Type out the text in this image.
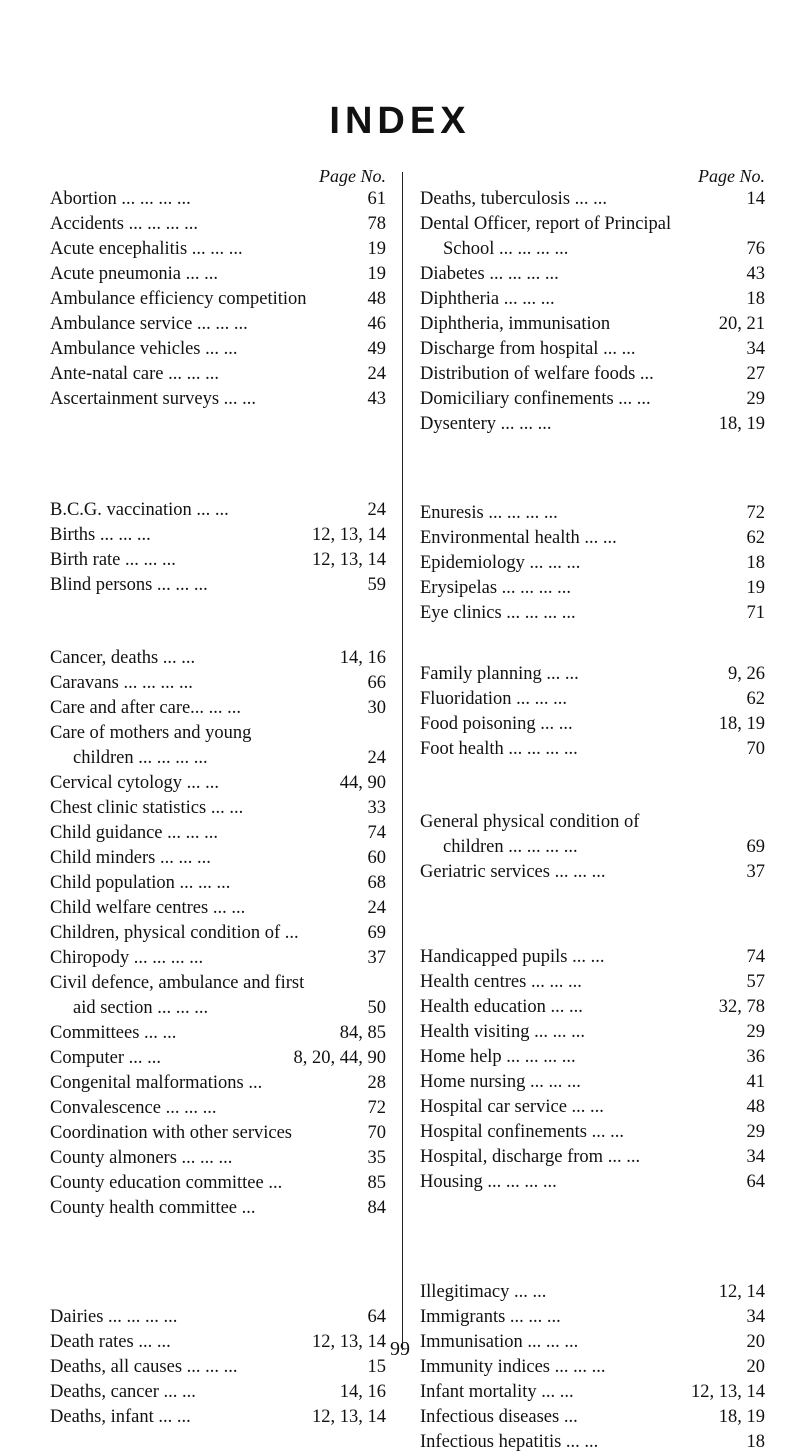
INDEX
Page No.
Abortion ... ... ... ...	61
Accidents ... ... ... ...	78
Acute encephalitis ... ... ...	19
Acute pneumonia ... ...	19
Ambulance efficiency competition	48
Ambulance service ... ... ...	46
Ambulance vehicles ... ...	49
Ante-natal care ... ... ...	24
Ascertainment surveys ... ...	43
B.C.G. vaccination ... ...	24
Births ... ... ...	12, 13, 14
Birth rate ... ... ...	12, 13, 14
Blind persons ... ... ...	59
Cancer, deaths ... ...	14, 16
Caravans ... ... ... ...	66
Care and after care... ... ...	30
Care of mothers and young
children ... ... ... ...	24
Cervical cytology ... ...	44, 90
Chest clinic statistics ... ...	33
Child guidance ... ... ...	74
Child minders ... ... ...	60
Child population ... ... ...	68
Child welfare centres ... ...	24
Children, physical condition of ...	69
Chiropody ... ... ... ...	37
Civil defence, ambulance and first
aid section ... ... ...	50
Committees ... ...	84, 85
Computer ... ...	8, 20, 44, 90
Congenital malformations ...	28
Convalescence ... ... ...	72
Coordination with other services	70
County almoners ... ... ...	35
County education committee ...	85
County health committee ...	84
Dairies ... ... ... ...	64
Death rates ... ...	12, 13, 14
Deaths, all causes ... ... ...	15
Deaths, cancer ... ...	14, 16
Deaths, infant ... ...	12, 13, 14
Page No.
Deaths, tuberculosis ... ...	14
Dental Officer, report of Principal
School ... ... ... ...	76
Diabetes ... ... ... ...	43
Diphtheria ... ... ...	18
Diphtheria, immunisation	20, 21
Discharge from hospital ... ...	34
Distribution of welfare foods ...	27
Domiciliary confinements ... ...	29
Dysentery ... ... ...	18, 19
Enuresis ... ... ... ...	72
Environmental health ... ...	62
Epidemiology ... ... ...	18
Erysipelas ... ... ... ...	19
Eye clinics ... ... ... ...	71
Family planning ... ...	9, 26
Fluoridation ... ... ...	62
Food poisoning ... ...	18, 19
Foot health ... ... ... ...	70
General physical condition of
children ... ... ... ...	69
Geriatric services ... ... ...	37
Handicapped pupils ... ...	74
Health centres ... ... ...	57
Health education ... ...	32, 78
Health visiting ... ... ...	29
Home help ... ... ... ...	36
Home nursing ... ... ...	41
Hospital car service ... ...	48
Hospital confinements ... ...	29
Hospital, discharge from ... ...	34
Housing ... ... ... ...	64
Illegitimacy ... ...	12, 14
Immigrants ... ... ...	34
Immunisation ... ... ...	20
Immunity indices ... ... ...	20
Infant mortality ... ...	12, 13, 14
Infectious diseases ...	18, 19
Infectious hepatitis ... ...	18
99
